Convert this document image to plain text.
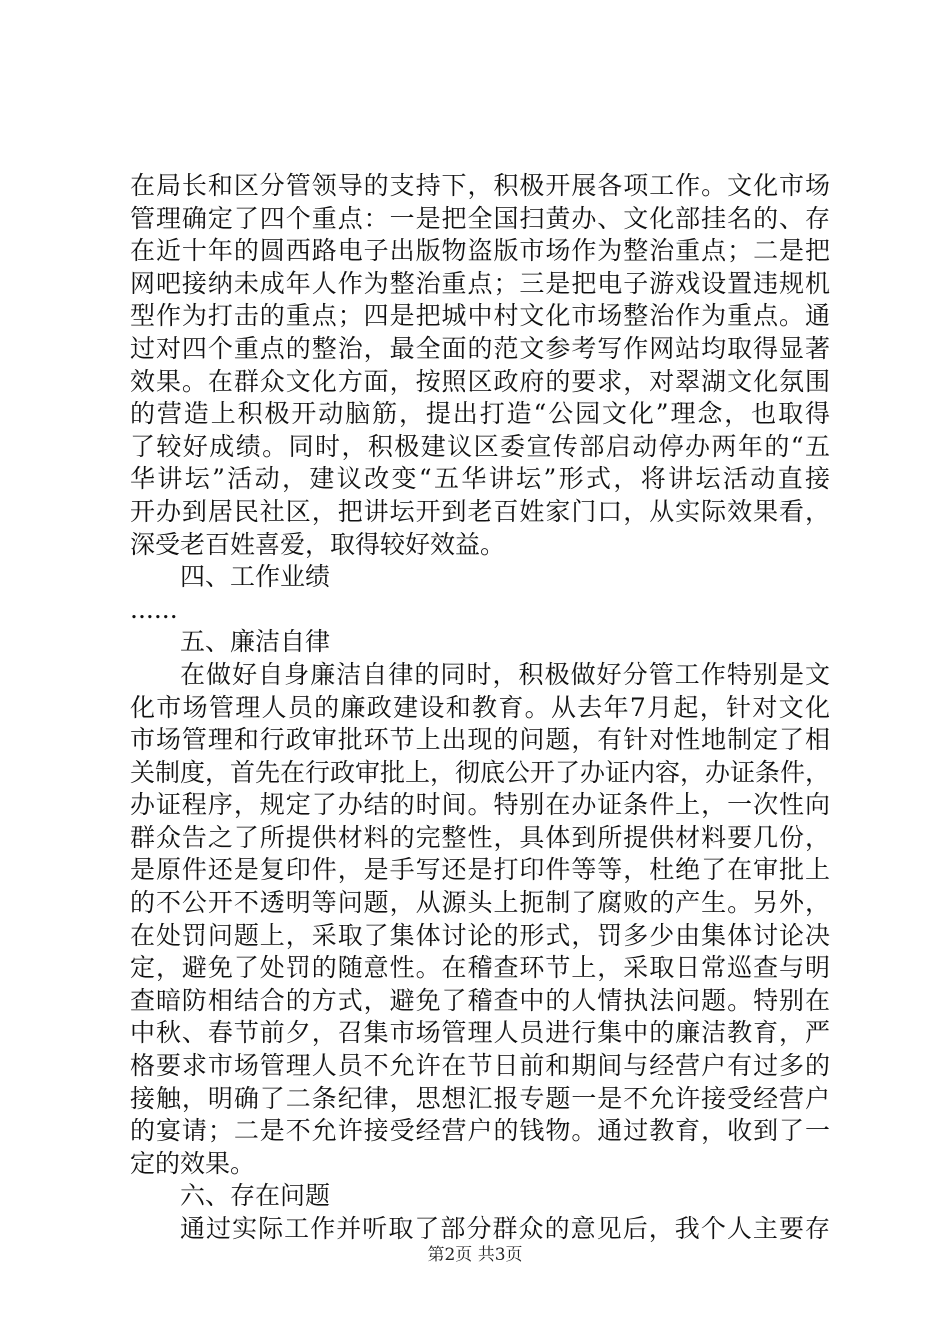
在局长和区分管领导的支持下，积极开展各项工作。文化市场
管理确定了四个重点：一是把全国扫黄办、文化部挂名的、存
在近十年的圆西路电子出版物盗版市场作为整治重点；二是把
网吧接纳未成年人作为整治重点；三是把电子游戏设置违规机
型作为打击的重点；四是把城中村文化市场整治作为重点。通
过对四个重点的整治，最全面的范文参考写作网站均取得显著
效果。在群众文化方面，按照区政府的要求，对翠湖文化氛围
的营造上积极开动脑筋，提出打造“公园文化”理念，也取得
了较好成绩。同时，积极建议区委宣传部启动停办两年的“五
华讲坛”活动，建议改变“五华讲坛”形式，将讲坛活动直接
开办到居民社区，把讲坛开到老百姓家门口，从实际效果看，
深受老百姓喜爱，取得较好效益。
四、工作业绩
......
五、廉洁自律
在做好自身廉洁自律的同时，积极做好分管工作特别是文
化市场管理人员的廉政建设和教育。从去年7月起，针对文化
市场管理和行政审批环节上出现的问题，有针对性地制定了相
关制度，首先在行政审批上，彻底公开了办证内容，办证条件，
办证程序，规定了办结的时间。特别在办证条件上，一次性向
群众告之了所提供材料的完整性，具体到所提供材料要几份，
是原件还是复印件，是手写还是打印件等等，杜绝了在审批上
的不公开不透明等问题，从源头上扼制了腐败的产生。另外，
在处罚问题上，采取了集体讨论的形式，罚多少由集体讨论决
定，避免了处罚的随意性。在稽查环节上，采取日常巡查与明
查暗防相结合的方式，避免了稽查中的人情执法问题。特别在
中秋、春节前夕，召集市场管理人员进行集中的廉洁教育，严
格要求市场管理人员不允许在节日前和期间与经营户有过多的
接触，明确了二条纪律，思想汇报专题一是不允许接受经营户
的宴请；二是不允许接受经营户的钱物。通过教育，收到了一
定的效果。
六、存在问题
通过实际工作并听取了部分群众的意见后，我个人主要存
第2页 共3页
